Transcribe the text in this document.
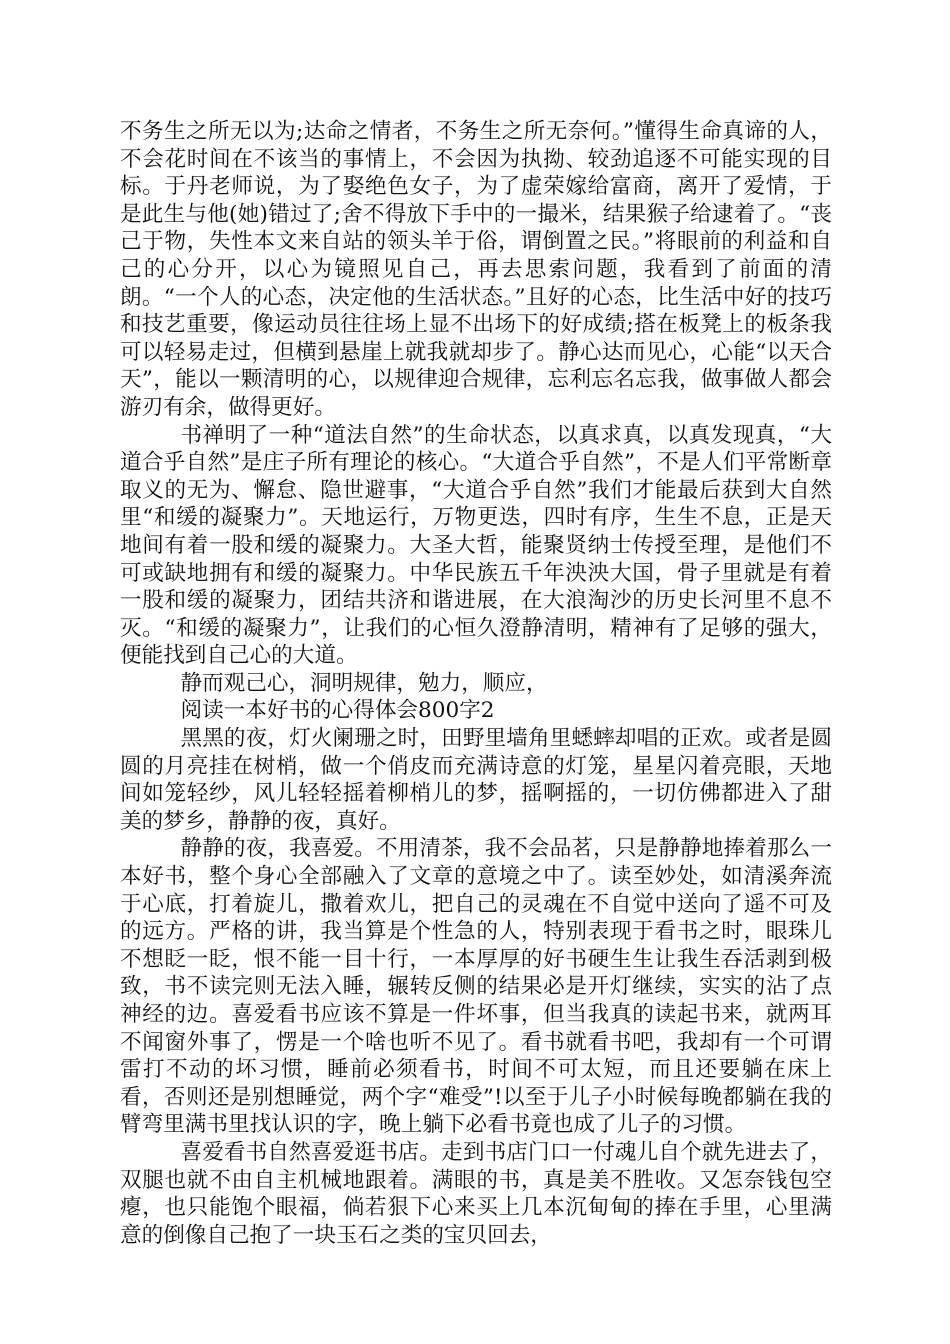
不务生之所无以为;达命之情者，不务生之所无奈何。”懂得生命真谛的人，不会花时间在不该当的事情上，不会因为执拗、较劲追逐不可能实现的目标。于丹老师说，为了娶绝色女子，为了虚荣嫁给富商，离开了爱情，于是此生与他(她)错过了;舍不得放下手中的一撮米，结果猴子给逮着了。“丧己于物，失性本文来自站的领头羊于俗，谓倒置之民。”将眼前的利益和自己的心分开，以心为镜照见自己，再去思索问题，我看到了前面的清朗。“一个人的心态，决定他的生活状态。”且好的心态，比生活中好的技巧和技艺重要，像运动员往往场上显不出场下的好成绩;搭在板凳上的板条我可以轻易走过，但横到悬崖上就我就却步了。静心达而见心，心能“以天合天”，能以一颗清明的心，以规律迎合规律，忘利忘名忘我，做事做人都会游刃有余，做得更好。

书禅明了一种“道法自然”的生命状态，以真求真，以真发现真，“大道合乎自然”是庄子所有理论的核心。“大道合乎自然”，不是人们平常断章取义的无为、懈怠、隐世避事，“大道合乎自然”我们才能最后获到大自然里“和缓的凝聚力”。天地运行，万物更迭，四时有序，生生不息，正是天地间有着一股和缓的凝聚力。大圣大哲，能聚贤纳士传授至理，是他们不可或缺地拥有和缓的凝聚力。中华民族五千年泱泱大国，骨子里就是有着一股和缓的凝聚力，团结共济和谐进展，在大浪淘沙的历史长河里不息不灭。“和缓的凝聚力”，让我们的心恒久澄静清明，精神有了足够的强大，便能找到自己心的大道。

静而观己心，洞明规律，勉力，顺应，

阅读一本好书的心得体会800字2

黑黑的夜，灯火阑珊之时，田野里墙角里蟋蟀却唱的正欢。或者是圆圆的月亮挂在树梢，做一个俏皮而充满诗意的灯笼，星星闪着亮眼，天地间如笼轻纱，风儿轻轻摇着柳梢儿的梦，摇啊摇的，一切仿佛都进入了甜美的梦乡，静静的夜，真好。

静静的夜，我喜爱。不用清茶，我不会品茗，只是静静地捧着那么一本好书，整个身心全部融入了文章的意境之中了。读至妙处，如清溪奔流于心底，打着旋儿，撒着欢儿，把自己的灵魂在不自觉中送向了遥不可及的远方。严格的讲，我当算是个性急的人，特别表现于看书之时，眼珠儿不想眨一眨，恨不能一目十行，一本厚厚的好书硬生生让我生吞活剥到极致，书不读完则无法入睡，辗转反侧的结果必是开灯继续，实实的沾了点神经的边。喜爱看书应该不算是一件坏事，但当我真的读起书来，就两耳不闻窗外事了，愣是一个啥也听不见了。看书就看书吧，我却有一个可谓雷打不动的坏习惯，睡前必须看书，时间不可太短，而且还要躺在床上看，否则还是别想睡觉，两个字“难受”!以至于儿子小时候每晚都躺在我的臂弯里满书里找认识的字，晚上躺下必看书竟也成了儿子的习惯。

喜爱看书自然喜爱逛书店。走到书店门口一付魂儿自个就先进去了，双腿也就不由自主机械地跟着。满眼的书，真是美不胜收。又怎奈钱包空瘪，也只能饱个眼福，倘若狠下心来买上几本沉甸甸的捧在手里，心里满意的倒像自己抱了一块玉石之类的宝贝回去，
